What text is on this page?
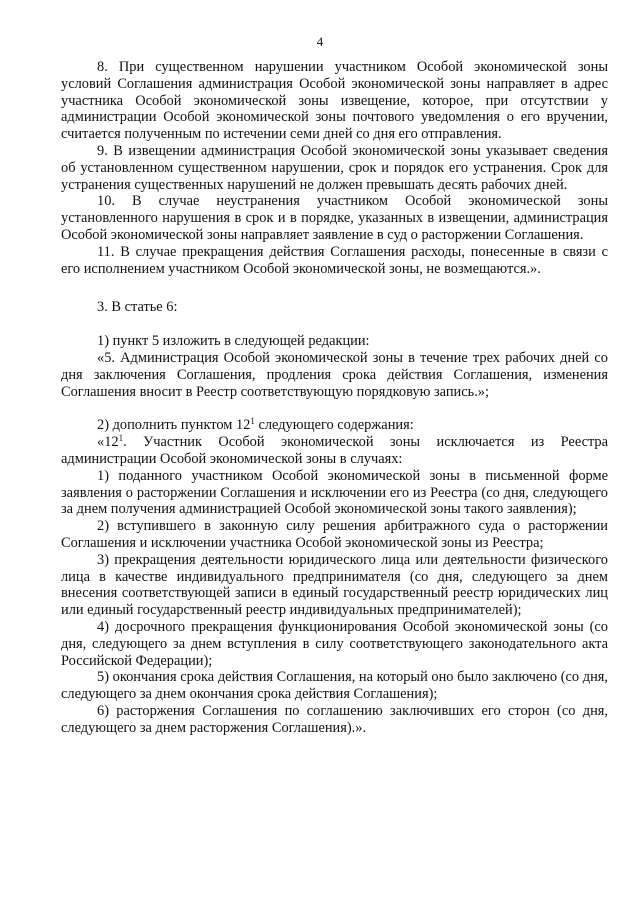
4

8. При существенном нарушении участником Особой экономической зоны условий Соглашения администрация Особой экономической зоны направляет в адрес участника Особой экономической зоны извещение, которое, при отсутствии у администрации Особой экономической зоны почтового уведомления о его вручении, считается полученным по истечении семи дней со дня его отправления.

9. В извещении администрация Особой экономической зоны указывает сведения об установленном существенном нарушении, срок и порядок его устранения. Срок для устранения существенных нарушений не должен превышать десять рабочих дней.

10. В случае неустранения участником Особой экономической зоны установленного нарушения в срок и в порядке, указанных в извещении, администрация Особой экономической зоны направляет заявление в суд о расторжении Соглашения.

11. В случае прекращения действия Соглашения расходы, понесенные в связи с его исполнением участником Особой экономической зоны, не возмещаются.».

3. В статье 6:

1) пункт 5 изложить в следующей редакции:

«5. Администрация Особой экономической зоны в течение трех рабочих дней со дня заключения Соглашения, продления срока действия Соглашения, изменения Соглашения вносит в Реестр соответствующую порядковую запись.»;

2) дополнить пунктом $12^1$ следующего содержания:

«$12^1$. Участник Особой экономической зоны исключается из Реестра администрации Особой экономической зоны в случаях:

1) поданного участником Особой экономической зоны в письменной форме заявления о расторжении Соглашения и исключении его из Реестра (со дня, следующего за днем получения администрацией Особой экономической зоны такого заявления);

2) вступившего в законную силу решения арбитражного суда о расторжении Соглашения и исключении участника Особой экономической зоны из Реестра;

3) прекращения деятельности юридического лица или деятельности физического лица в качестве индивидуального предпринимателя (со дня, следующего за днем внесения соответствующей записи в единый государственный реестр юридических лиц или единый государственный реестр индивидуальных предпринимателей);

4) досрочного прекращения функционирования Особой экономической зоны (со дня, следующего за днем вступления в силу соответствующего законодательного акта Российской Федерации);

5) окончания срока действия Соглашения, на который оно было заключено (со дня, следующего за днем окончания срока действия Соглашения);

6) расторжения Соглашения по соглашению заключивших его сторон (со дня, следующего за днем расторжения Соглашения).».
